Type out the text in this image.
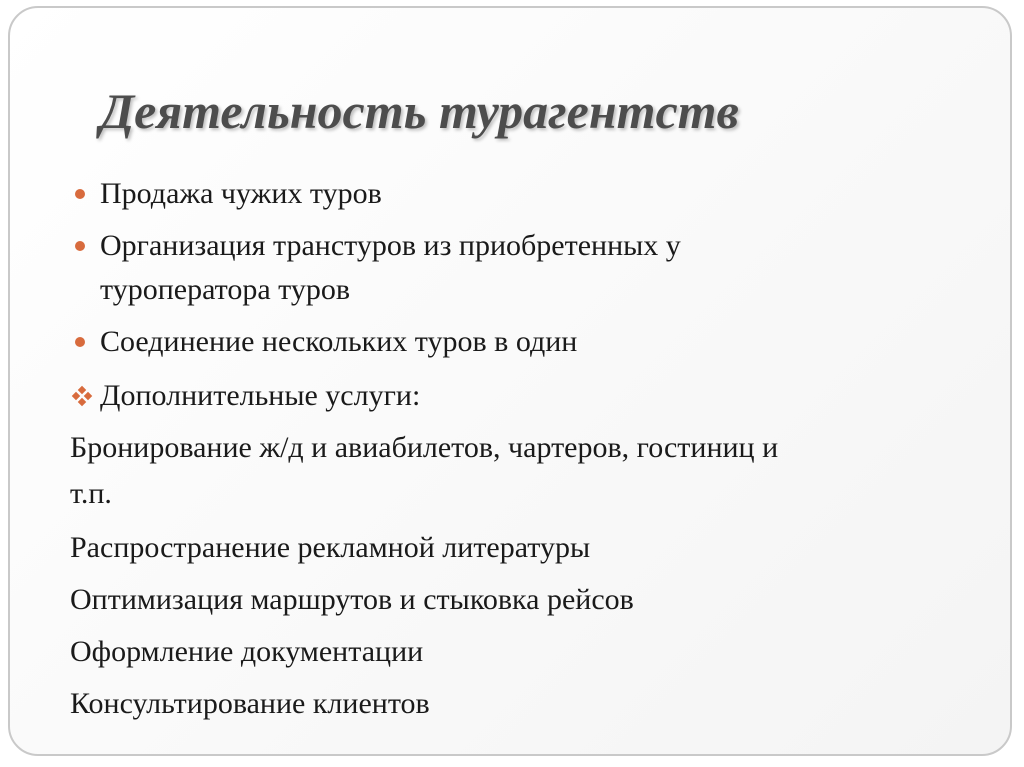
Деятельность турагентств
Продажа чужих туров
Организация транстуров из приобретенных у
туроператора туров
Соединение нескольких туров в один
Дополнительные услуги:
Бронирование ж/д и авиабилетов, чартеров, гостиниц и
т.п.
Распространение рекламной литературы
Оптимизация маршрутов и стыковка рейсов
Оформление документации
Консультирование клиентов
